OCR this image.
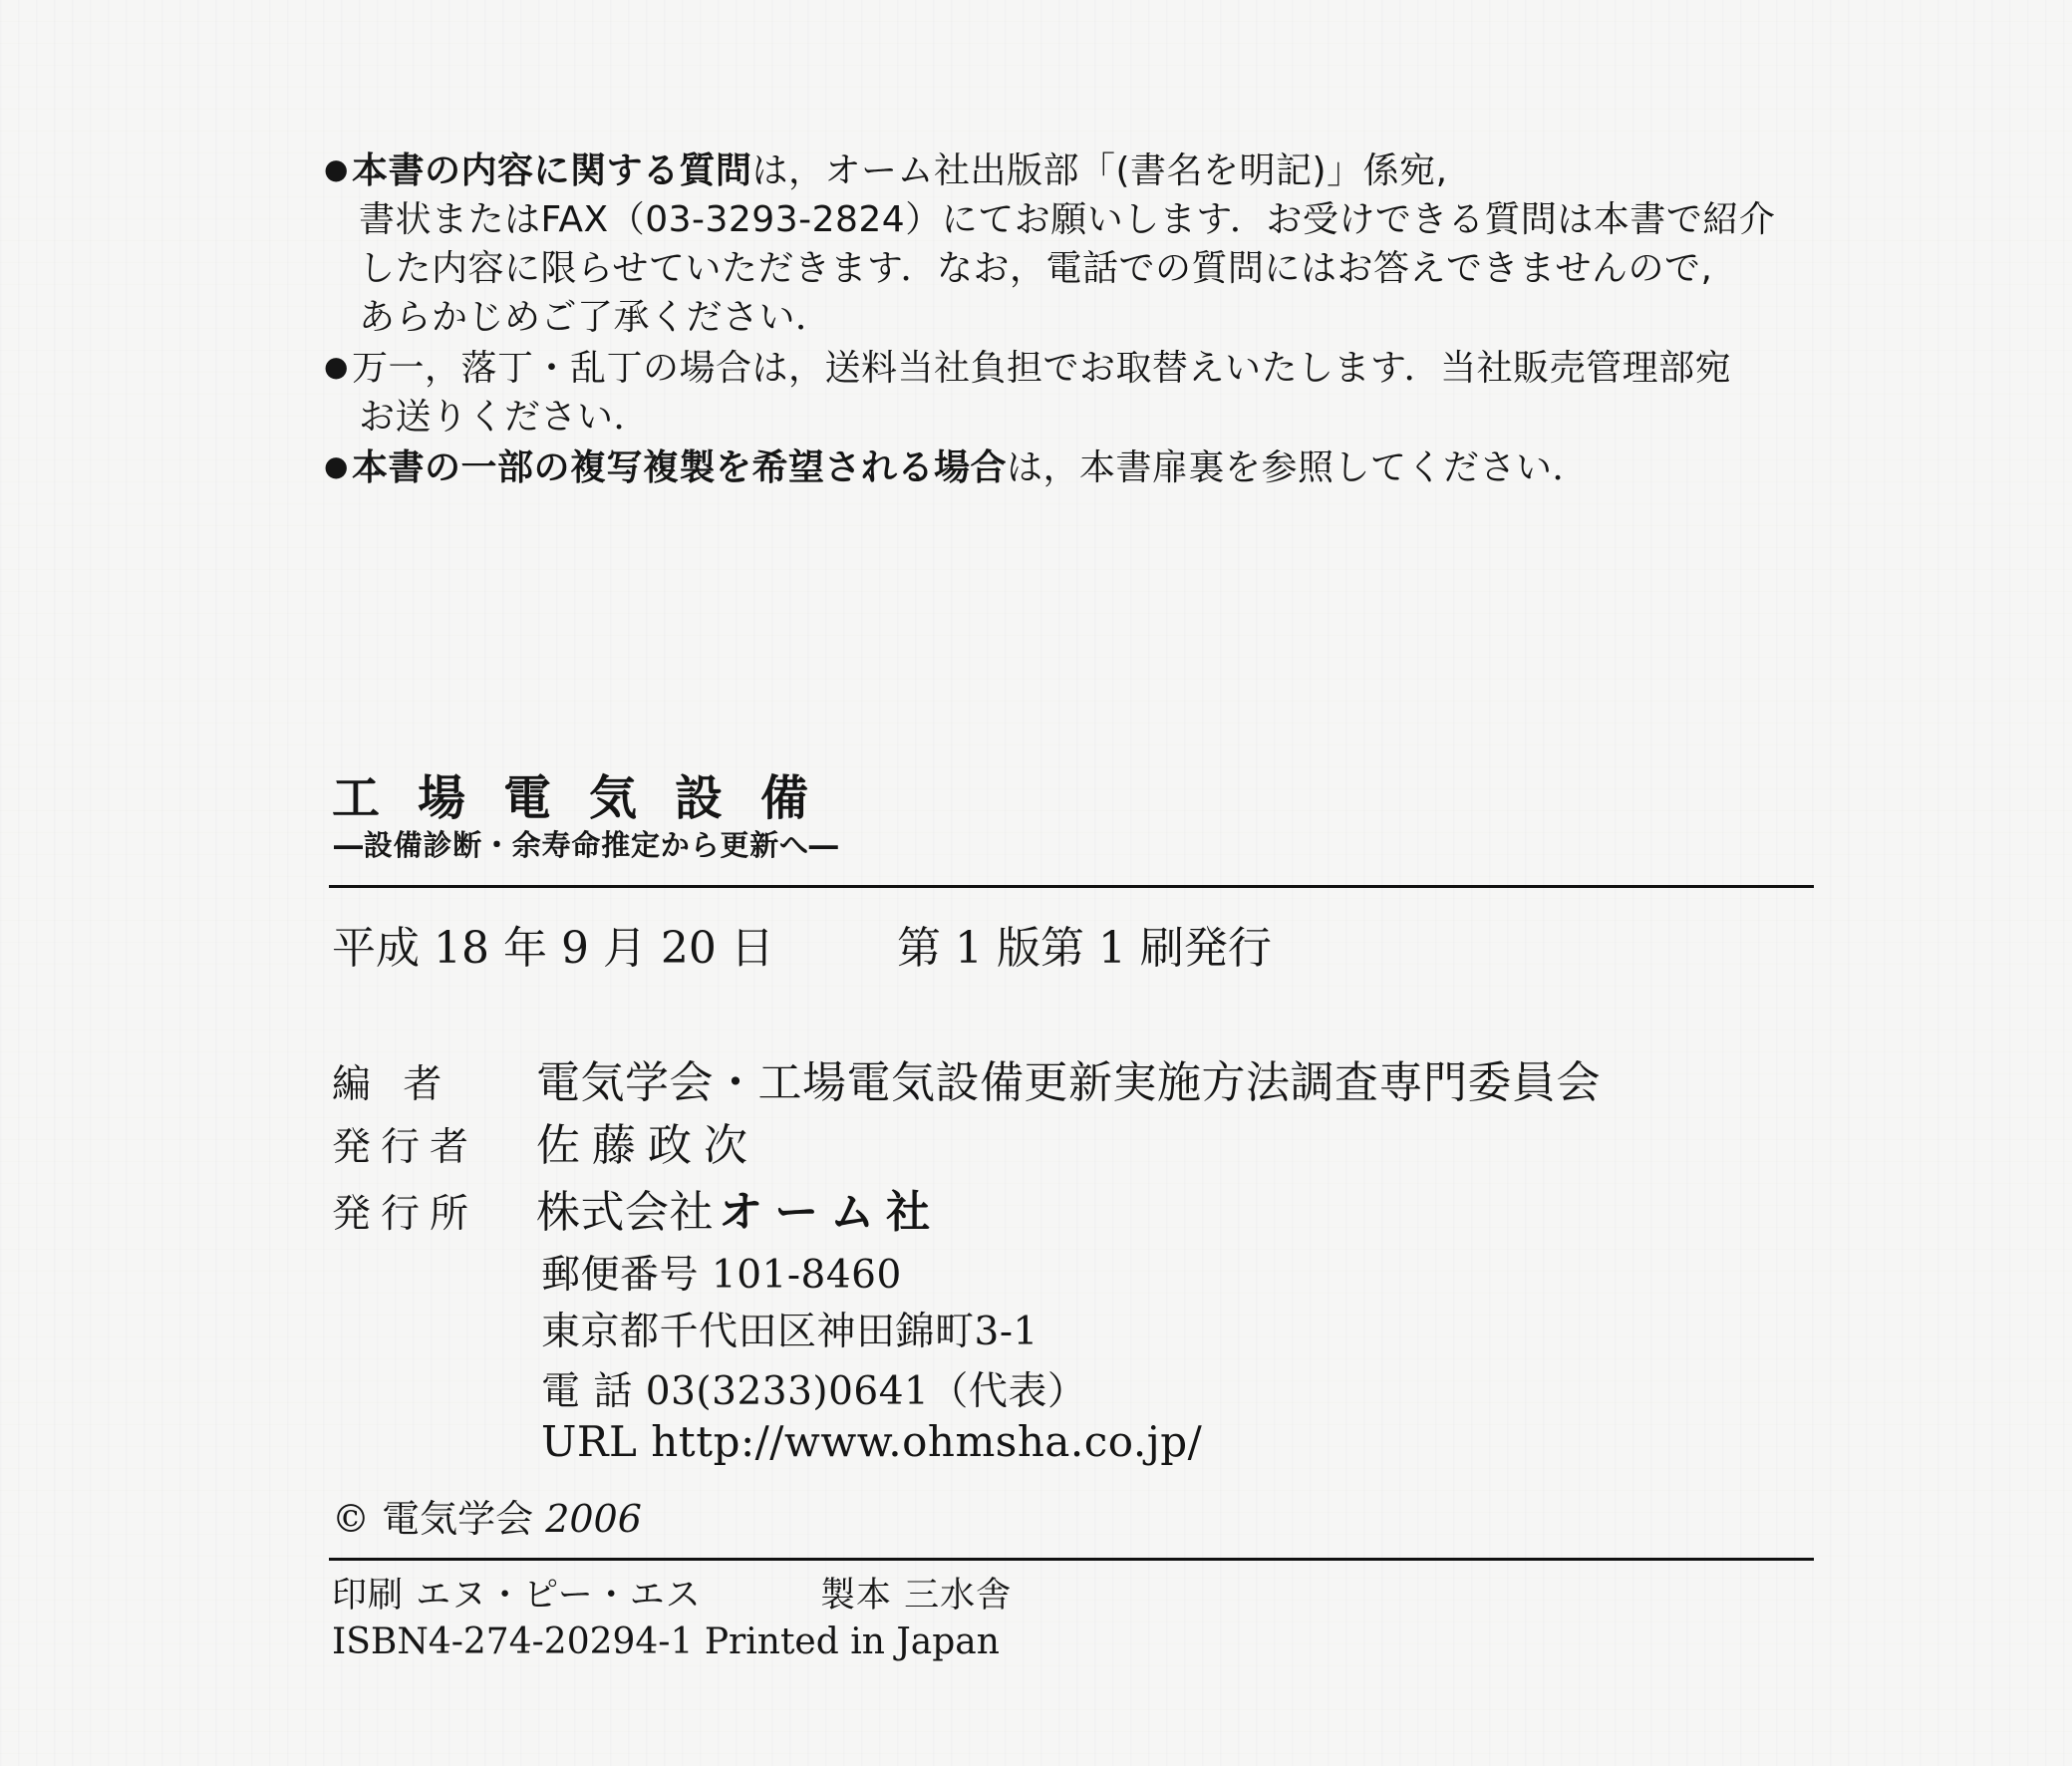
●本書の内容に関する質問は，オーム社出版部「(書名を明記)」係宛,
書状またはFAX（03-3293-2824）にてお願いします．お受けできる質問は本書で紹介
した内容に限らせていただきます．なお，電話での質問にはお答えできませんので,
あらかじめご了承ください．
●万一，落丁・乱丁の場合は，送料当社負担でお取替えいたします．当社販売管理部宛
お送りください．
●本書の一部の複写複製を希望される場合は，本書扉裏を参照してください．
工場電気設備
―設備診断・余寿命推定から更新へ―
平成 18 年 9 月 20 日	第 1 版第 1 刷発行
編 者 電気学会・工場電気設備更新実施方法調査専門委員会
発行者 佐藤政次
発行所 株式会社 オーム社
郵便番号 101-8460
東京都千代田区神田錦町3-1
電 話 03(3233)0641（代表）
URL http://www.ohmsha.co.jp/
© 電気学会 2006
印刷 エヌ・ピー・エス	製本 三水舎
ISBN4-274-20294-1 Printed in Japan
